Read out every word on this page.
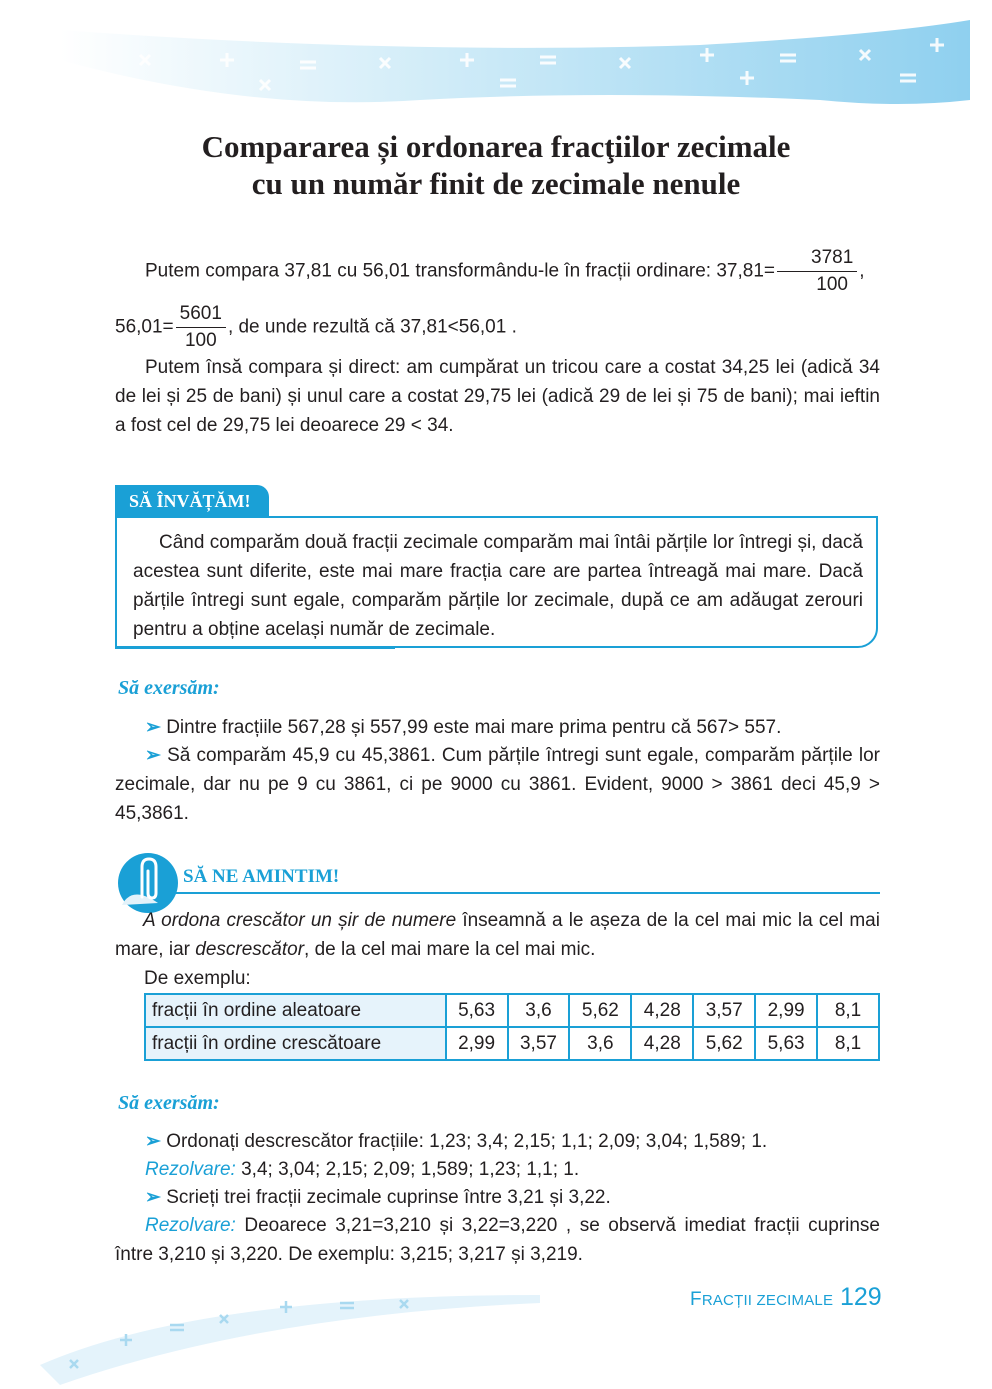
Compararea și ordonarea fracţiilor zecimale
cu un număr finit de zecimale nenule
Putem compara 37,81 cu 56,01 transformându-le în fracții ordinare: $37,81= \frac{3781}{100}$ ,
$56,01= \frac{5601}{100}$ , de unde rezultă că 37,81<56,01 .
Putem însă compara și direct: am cumpărat un tricou care a costat 34,25 lei (adică 34 de lei și 25 de bani) și unul care a costat 29,75 lei (adică 29 de lei și 75 de bani); mai ieftin a fost cel de 29,75 lei deoarece 29 < 34.
SĂ ÎNVĂȚĂM!
Când comparăm două fracții zecimale comparăm mai întâi părțile lor întregi și, dacă acestea sunt diferite, este mai mare fracția care are partea întreagă mai mare. Dacă părțile întregi sunt egale, comparăm părțile lor zecimale, după ce am adăugat zerouri pentru a obține același număr de zecimale.
Să exersăm:
➢ Dintre fracțiile 567,28 și 557,99 este mai mare prima pentru că 567> 557.
➢ Să comparăm 45,9 cu 45,3861. Cum părțile întregi sunt egale, comparăm părțile lor zecimale, dar nu pe 9 cu 3861, ci pe 9000 cu 3861. Evident, 9000 > 3861 deci 45,9 > 45,3861.
SĂ NE AMINTIM!
A ordona crescător un șir de numere înseamnă a le așeza de la cel mai mic la cel mai mare, iar descrescător, de la cel mai mare la cel mai mic.
De exemplu:
fracții în ordine aleatoare	5,63	3,6	5,62	4,28	3,57	2,99	8,1
fracții în ordine crescătoare	2,99	3,57	3,6	4,28	5,62	5,63	8,1
Să exersăm:
➢ Ordonați descrescător fracțiile: 1,23; 3,4; 2,15; 1,1; 2,09; 3,04; 1,589; 1.
Rezolvare: 3,4; 3,04; 2,15; 2,09; 1,589; 1,23; 1,1; 1.
➢ Scrieți trei fracții zecimale cuprinse între 3,21 și 3,22.
Rezolvare: Deoarece 3,21=3,210 și 3,22=3,220 , se observă imediat fracții cuprinse între 3,210 și 3,220. De exemplu: 3,215; 3,217 și 3,219.
FRACȚII ZECIMALE 129
